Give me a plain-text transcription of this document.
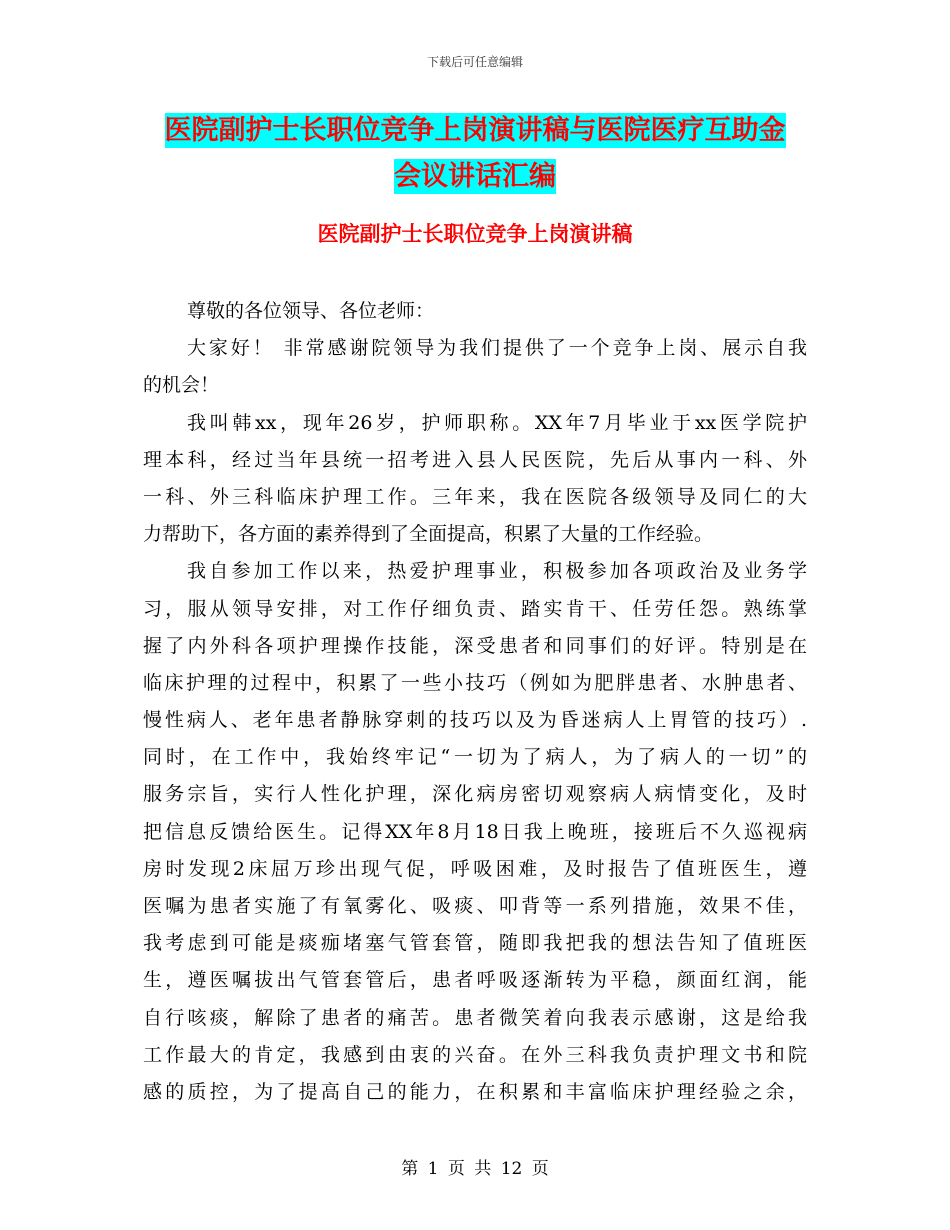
下载后可任意编辑
医院副护士长职位竞争上岗演讲稿与医院医疗互助金
会议讲话汇编
医院副护士长职位竞争上岗演讲稿
尊敬的各位领导、各位老师：
大家好！ 非常感谢院领导为我们提供了一个竞争上岗、展示自我
的机会！
我叫韩xx，现年26岁，护师职称。XX年7月毕业于xx医学院护
理本科，经过当年县统一招考进入县人民医院，先后从事内一科、外
一科、外三科临床护理工作。三年来，我在医院各级领导及同仁的大
力帮助下，各方面的素养得到了全面提高，积累了大量的工作经验。
我自参加工作以来，热爱护理事业，积极参加各项政治及业务学
习，服从领导安排，对工作仔细负责、踏实肯干、任劳任怨。熟练掌
握了内外科各项护理操作技能，深受患者和同事们的好评。特别是在
临床护理的过程中，积累了一些小技巧（例如为肥胖患者、水肿患者、
慢性病人、老年患者静脉穿刺的技巧以及为昏迷病人上胃管的技巧）.
同时，在工作中，我始终牢记“一切为了病人，为了病人的一切”的
服务宗旨，实行人性化护理，深化病房密切观察病人病情变化，及时
把信息反馈给医生。记得XX年8月18日我上晚班，接班后不久巡视病
房时发现2床屈万珍出现气促，呼吸困难，及时报告了值班医生，遵
医嘱为患者实施了有氧雾化、吸痰、叩背等一系列措施，效果不佳，
我考虑到可能是痰痂堵塞气管套管，随即我把我的想法告知了值班医
生，遵医嘱拔出气管套管后，患者呼吸逐渐转为平稳，颜面红润，能
自行咳痰，解除了患者的痛苦。患者微笑着向我表示感谢，这是给我
工作最大的肯定，我感到由衷的兴奋。在外三科我负责护理文书和院
感的质控，为了提高自己的能力，在积累和丰富临床护理经验之余，
第 1 页 共 12 页
